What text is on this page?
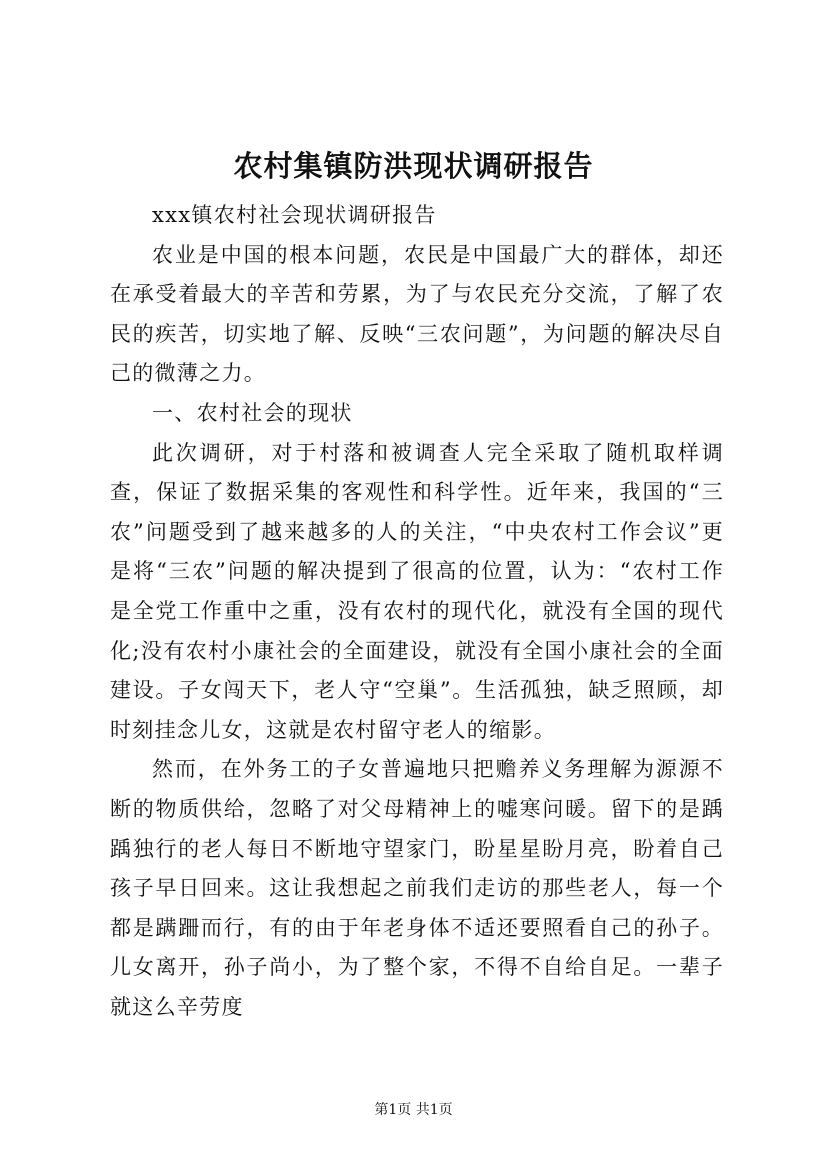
农村集镇防洪现状调研报告

xxx镇农村社会现状调研报告

农业是中国的根本问题，农民是中国最广大的群体，却还在承受着最大的辛苦和劳累，为了与农民充分交流，了解了农民的疾苦，切实地了解、反映“三农问题”，为问题的解决尽自己的微薄之力。

一、农村社会的现状

此次调研，对于村落和被调查人完全采取了随机取样调查，保证了数据采集的客观性和科学性。近年来，我国的“三农”问题受到了越来越多的人的关注，“中央农村工作会议”更是将“三农”问题的解决提到了很高的位置，认为：“农村工作是全党工作重中之重，没有农村的现代化，就没有全国的现代化;没有农村小康社会的全面建设，就没有全国小康社会的全面建设。子女闯天下，老人守“空巢”。生活孤独，缺乏照顾，却时刻挂念儿女，这就是农村留守老人的缩影。

然而，在外务工的子女普遍地只把赡养义务理解为源源不断的物质供给，忽略了对父母精神上的嘘寒问暖。留下的是踽踽独行的老人每日不断地守望家门，盼星星盼月亮，盼着自己孩子早日回来。这让我想起之前我们走访的那些老人，每一个都是蹒跚而行，有的由于年老身体不适还要照看自己的孙子。儿女离开，孙子尚小，为了整个家，不得不自给自足。一辈子就这么辛劳度

第1页 共1页
